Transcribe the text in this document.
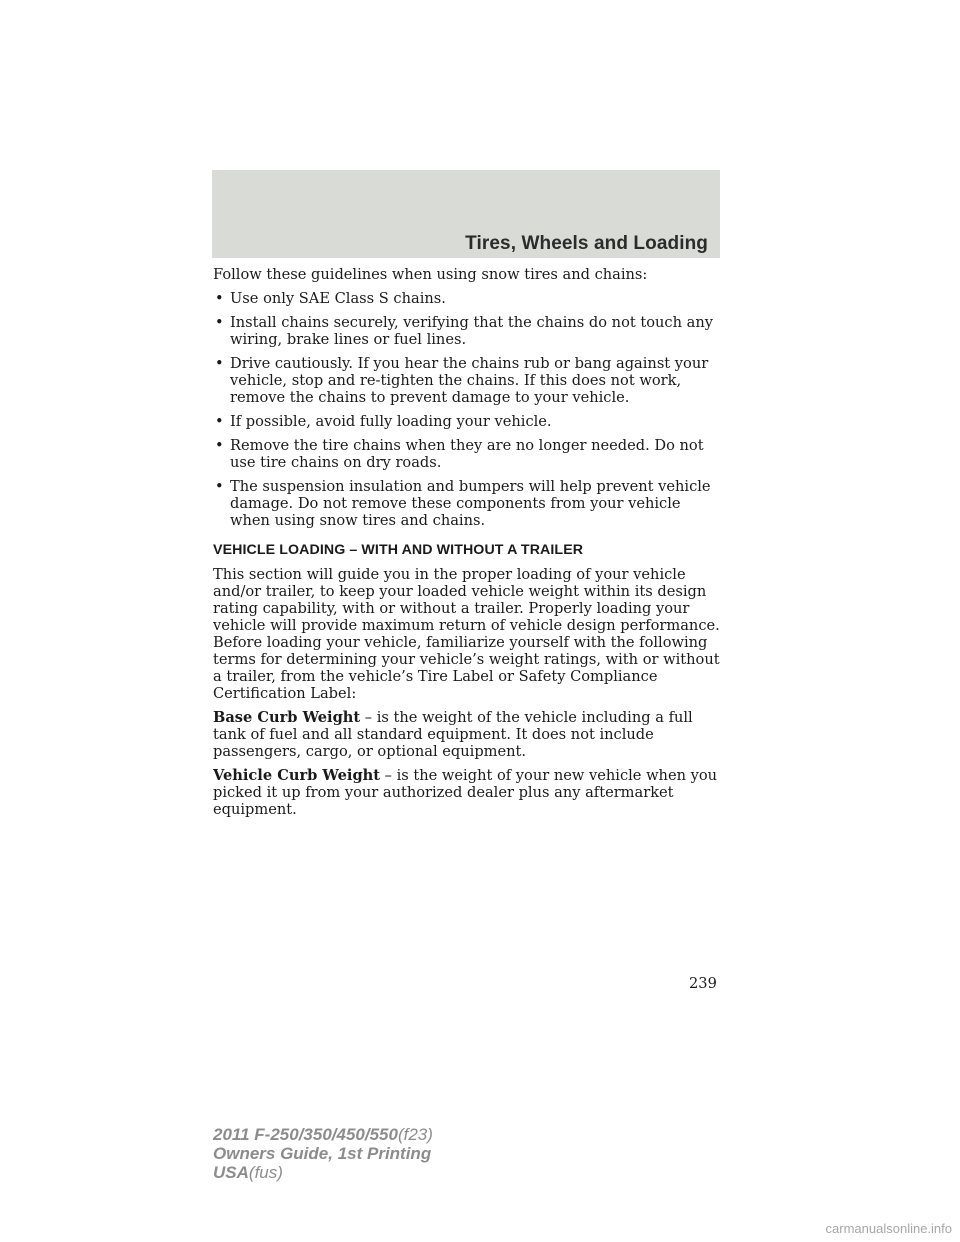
Tires, Wheels and Loading

Follow these guidelines when using snow tires and chains:

• Use only SAE Class S chains.
• Install chains securely, verifying that the chains do not touch any wiring, brake lines or fuel lines.
• Drive cautiously. If you hear the chains rub or bang against your vehicle, stop and re-tighten the chains. If this does not work, remove the chains to prevent damage to your vehicle.
• If possible, avoid fully loading your vehicle.
• Remove the tire chains when they are no longer needed. Do not use tire chains on dry roads.
• The suspension insulation and bumpers will help prevent vehicle damage. Do not remove these components from your vehicle when using snow tires and chains.
VEHICLE LOADING – WITH AND WITHOUT A TRAILER

This section will guide you in the proper loading of your vehicle and/or trailer, to keep your loaded vehicle weight within its design rating capability, with or without a trailer. Properly loading your vehicle will provide maximum return of vehicle design performance. Before loading your vehicle, familiarize yourself with the following terms for determining your vehicle’s weight ratings, with or without a trailer, from the vehicle’s Tire Label or Safety Compliance Certification Label:

Base Curb Weight – is the weight of the vehicle including a full tank of fuel and all standard equipment. It does not include passengers, cargo, or optional equipment.

Vehicle Curb Weight – is the weight of your new vehicle when you picked it up from your authorized dealer plus any aftermarket equipment.

239
2011 F-250/350/450/550(f23)
Owners Guide, 1st Printing
USA(fus)
carmanualsonline.info
